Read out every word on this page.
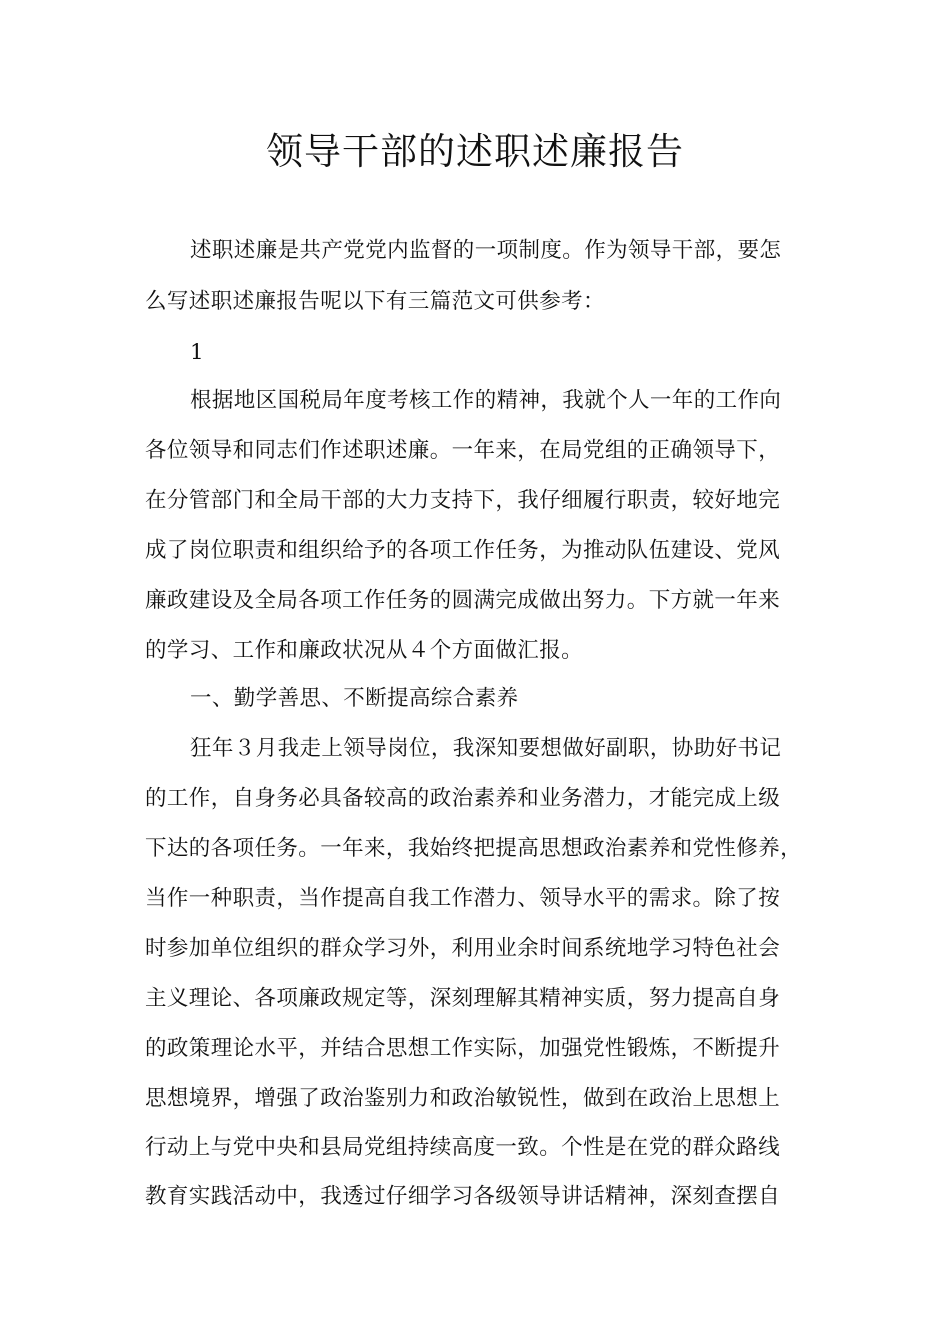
领导干部的述职述廉报告
述职述廉是共产党党内监督的一项制度。作为领导干部，要怎
么写述职述廉报告呢以下有三篇范文可供参考：
1
根据地区国税局年度考核工作的精神，我就个人一年的工作向
各位领导和同志们作述职述廉。一年来，在局党组的正确领导下，
在分管部门和全局干部的大力支持下，我仔细履行职责，较好地完
成了岗位职责和组织给予的各项工作任务，为推动队伍建设、党风
廉政建设及全局各项工作任务的圆满完成做出努力。下方就一年来
的学习、工作和廉政状况从４个方面做汇报。
一、勤学善思、不断提高综合素养
狂年３月我走上领导岗位，我深知要想做好副职，协助好书记
的工作，自身务必具备较高的政治素养和业务潜力，才能完成上级
下达的各项任务。一年来，我始终把提高思想政治素养和党性修养，
当作一种职责，当作提高自我工作潜力、领导水平的需求。除了按
时参加单位组织的群众学习外，利用业余时间系统地学习特色社会
主义理论、各项廉政规定等，深刻理解其精神实质，努力提高自身
的政策理论水平，并结合思想工作实际，加强党性锻炼，不断提升
思想境界，增强了政治鉴别力和政治敏锐性，做到在政治上思想上
行动上与党中央和县局党组持续高度一致。个性是在党的群众路线
教育实践活动中，我透过仔细学习各级领导讲话精神，深刻查摆自
